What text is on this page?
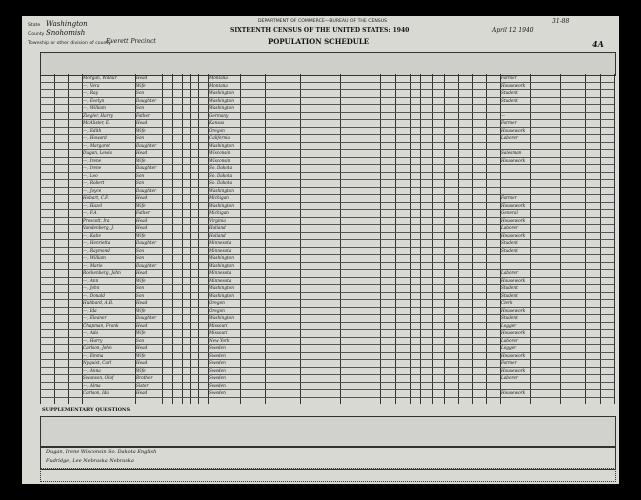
DEPARTMENT OF COMMERCE—BUREAU OF THE CENSUS
SIXTEENTH CENSUS OF THE UNITED STATES: 1940
POPULATION SCHEDULE
State Washington
County Snohomish
Township or other division of county
Everett Precinct
April 12 1940
31-88
4A
Morgan, Wilbur	Head	Montana	Farmer
—, Vera	Wife	Montana	Housework
—, Ray	Son	Washington	Student
—, Evelyn	Daughter	Washington	Student
—, William	Son	Washington
Ziegler, Harry	Father	Germany	—
McAlister, E.	Head	Kansas	Farmer
—, Edith	Wife	Oregon	Housework
—, Howard	Son	California	Laborer
—, Margaret	Daughter	Washington
Dugan, Lewis	Head	Wisconsin	Salesman
—, Irene	Wife	Wisconsin	Housework
—, Irene	Daughter	So. Dakota
—, Leo	Son	So. Dakota
—, Robert	Son	So. Dakota
—, Joyce	Daughter	Washington
Hobart, C.F.	Head	Michigan	Farmer
—, Hazel	Wife	Washington	Housework
—, F.A.	Father	Michigan	General
Prescott, Ira	Head	Virginia	Housework
Vandenberg, J.	Head	Holland	Laborer
—, Katie	Wife	Holland	Housework
—, Henrietta	Daughter	Minnesota	Student
—, Raymond	Son	Minnesota	Student
—, William	Son	Washington
—, Marie	Daughter	Washington
Rockenberg, John	Head	Minnesota	Laborer
—, Ann	Wife	Minnesota	Housework
—, John	Son	Washington	Student
—, Donald	Son	Washington	Student
Hubbard, A.B.	Head	Oregon	Clerk
—, Ida	Wife	Oregon	Housework
—, Eleanor	Daughter	Washington	Student
Chapman, Frank	Head	Missouri	Logger
—, Ada	Wife	Missouri	Housework
—, Harry	Son	New York	Laborer
Carlson, John	Head	Sweden	Logger
—, Emma	Wife	Sweden	Housework
Nyquist, Carl	Head	Sweden	Farmer
—, Anna	Wife	Sweden	Housework
Swanson, Olof	Brother	Sweden	Laborer
—, Alma	Sister	Sweden
Carlson, Ida	Head	Sweden	Housework
SUPPLEMENTARY QUESTIONS
Dugan, Irene Wisconsin So. Dakota English
Fudridge, Lee Nebraska Nebraska
